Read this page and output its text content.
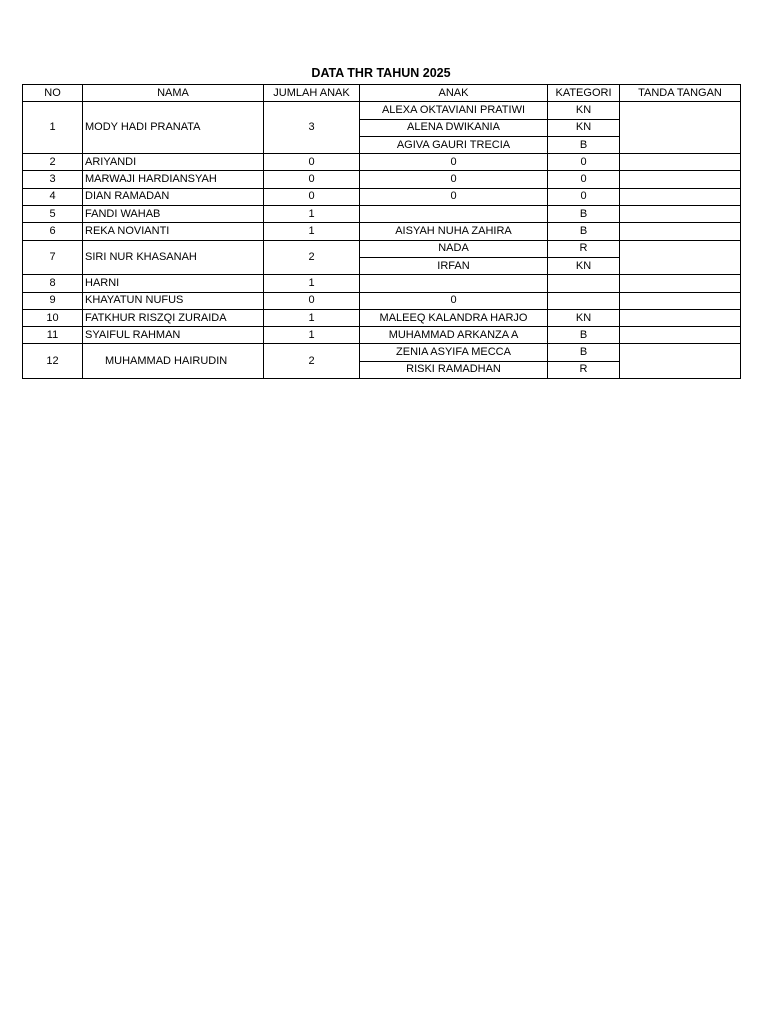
DATA THR TAHUN 2025
NO	NAMA	JUMLAH ANAK	ANAK	KATEGORI	TANDA TANGAN
1	MODY HADI PRANATA	3	ALEXA OKTAVIANI PRATIWI	KN	
			ALENA DWIKANIA	KN	
			AGIVA GAURI TRECIA	B	
2	ARIYANDI	0	0	0	
3	MARWAJI HARDIANSYAH	0	0	0	
4	DIAN RAMADAN	0	0	0	
5	FANDI WAHAB	1		B	
6	REKA NOVIANTI	1	AISYAH NUHA ZAHIRA	B	
7	SIRI NUR KHASANAH	2	NADA	R	
			IRFAN	KN	
8	HARNI	1			
9	KHAYATUN NUFUS	0	0		
10	FATKHUR RISZQI ZURAIDA	1	MALEEQ KALANDRA HARJO	KN	
11	SYAIFUL RAHMAN	1	MUHAMMAD ARKANZA A	B	
12	MUHAMMAD HAIRUDIN	2	ZENIA ASYIFA MECCA	B	
			RISKI RAMADHAN	R	
